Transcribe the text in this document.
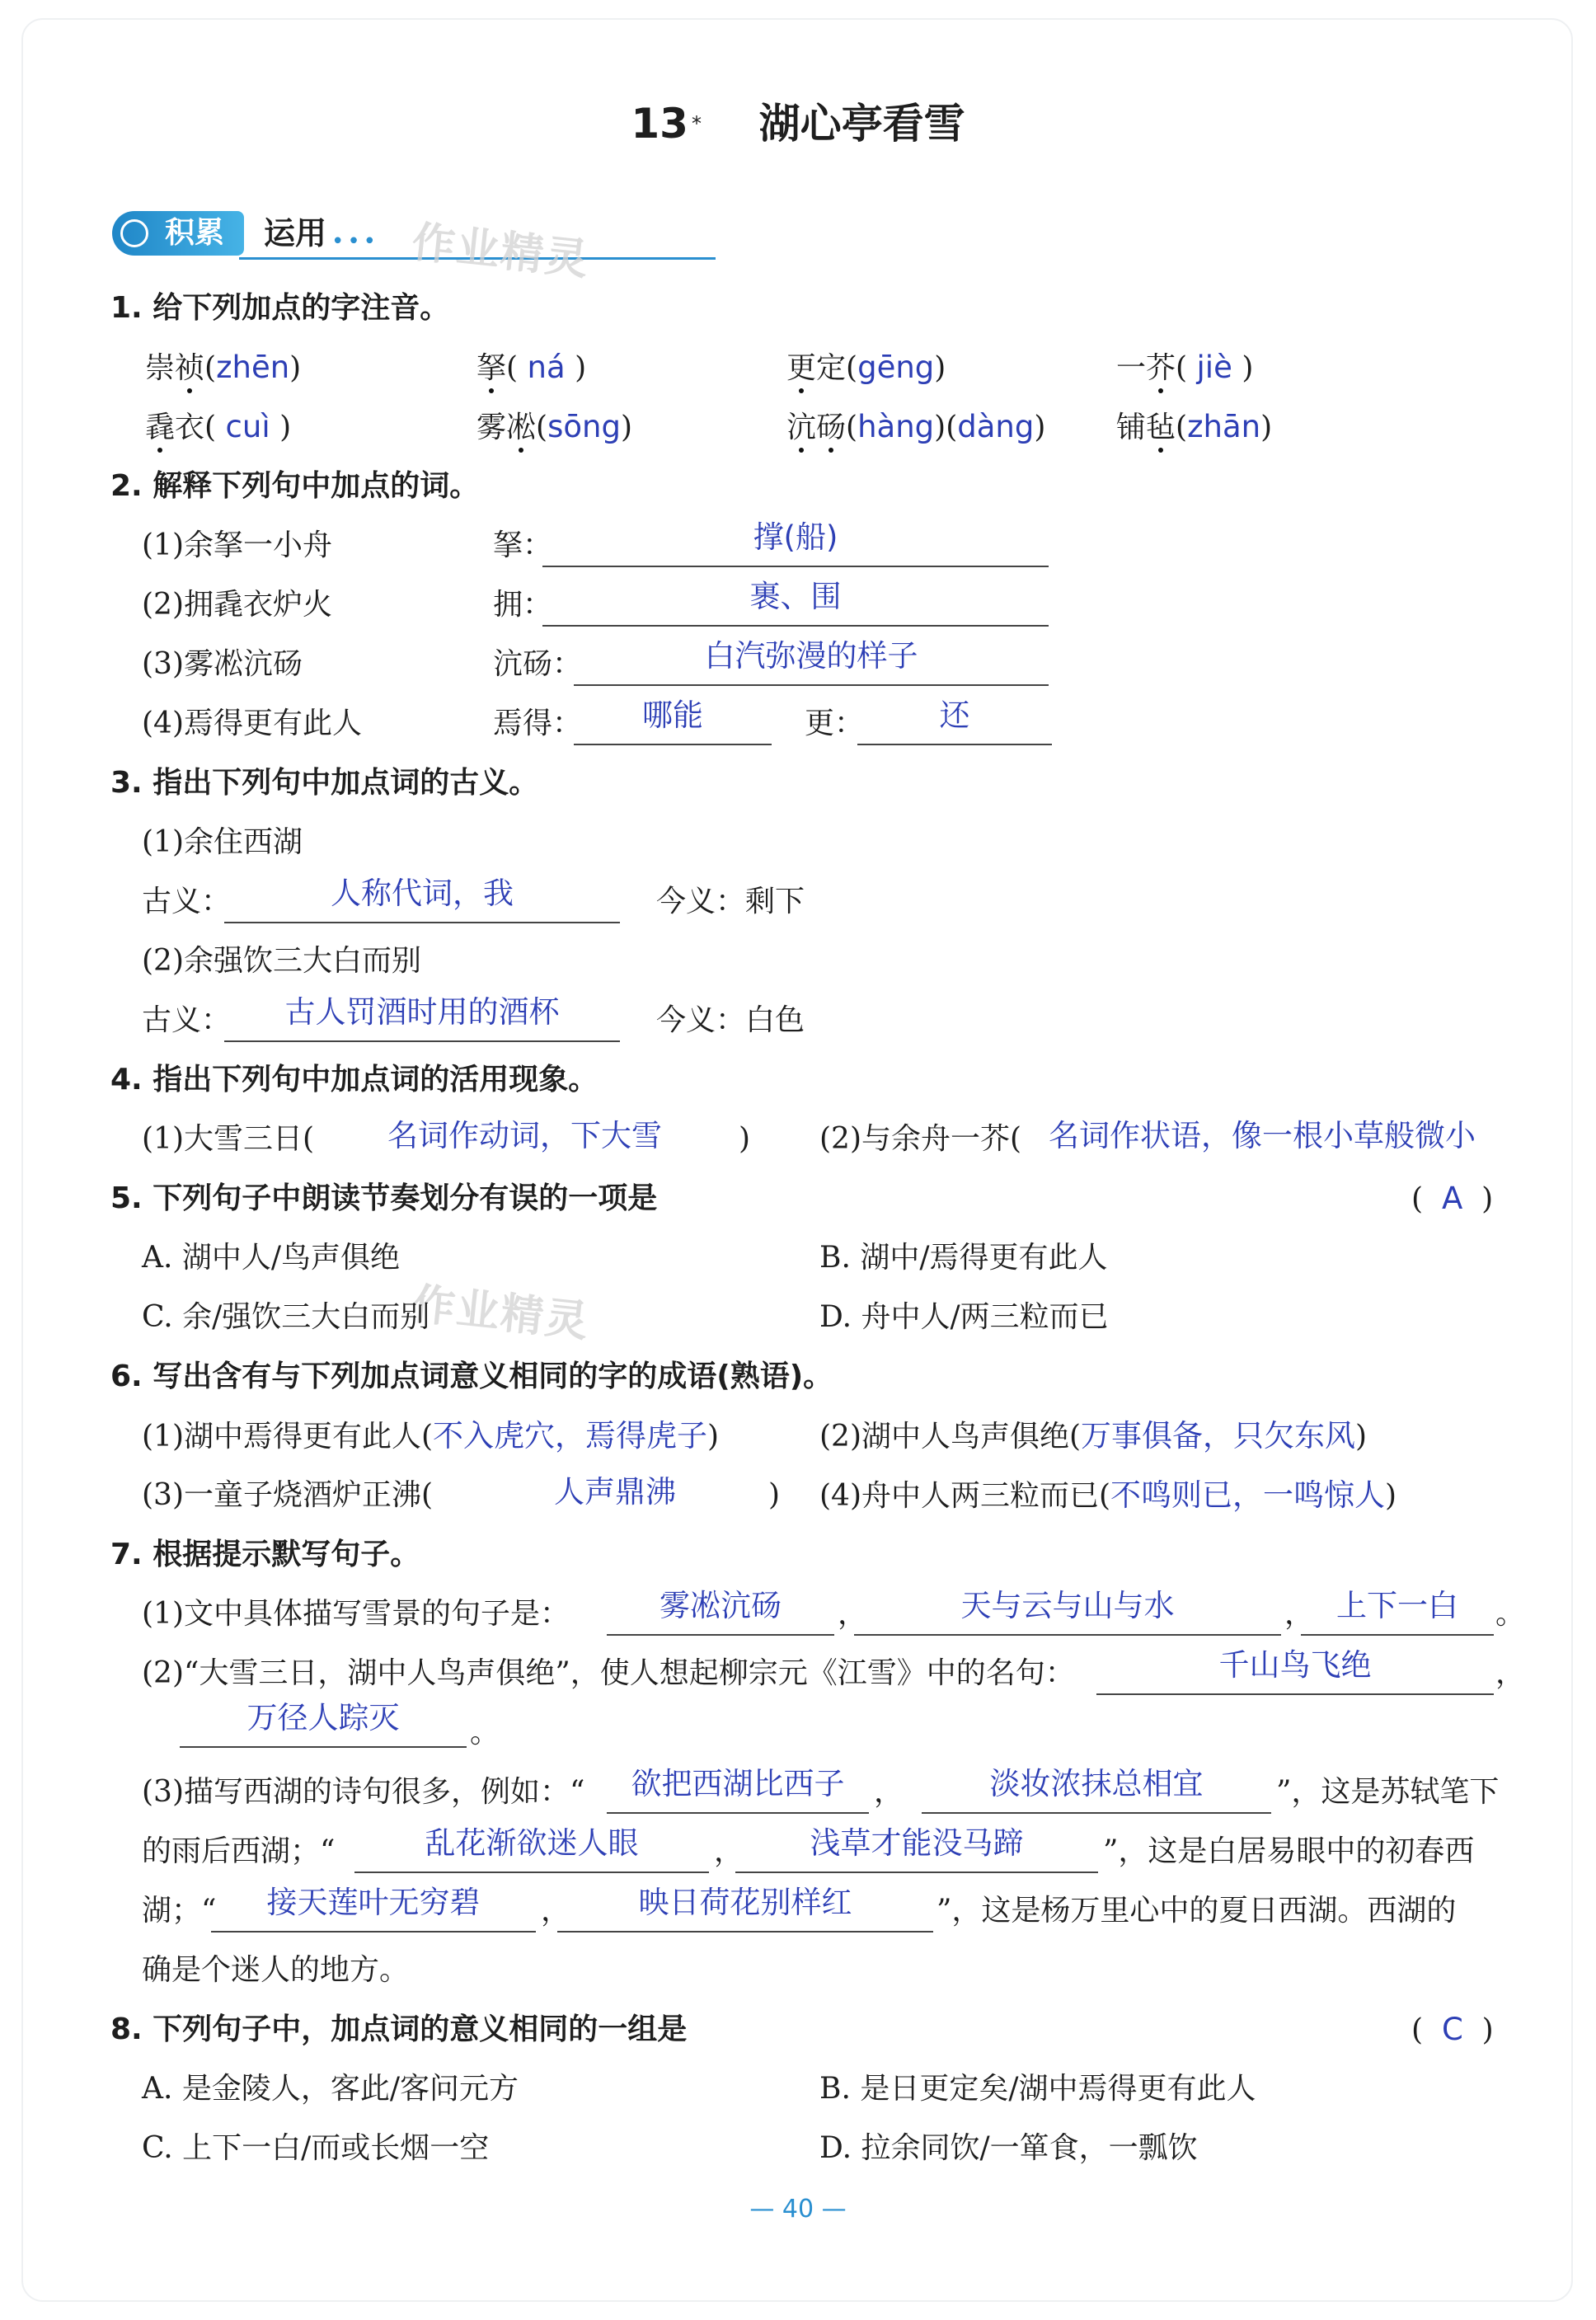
13 * 湖心亭看雪
积累	运用 ••• 作业精灵
作业精灵
1. 给下列加点的字注音。
崇祯(zhēn)	拏( ná )	更定(gēng)	一芥( jiè )
毳衣( cuì )	雾凇(sōng)	沆砀(hàng)(dàng) 铺毡(zhān)
2. 解释下列句中加点的词。
(1)余拏一小舟	拏：	撑(船)
(2)拥毳衣炉火	拥：	裹、围
(3)雾凇沆砀	沆砀：	白汽弥漫的样子
(4)焉得更有此人	焉得：	哪能	更：	还
3. 指出下列句中加点词的古义。
(1)余住西湖
古义：	人称代词，我	今义：剩下
(2)余强饮三大白而别
古义：	古人罚酒时用的酒杯	今义：白色
4. 指出下列句中加点词的活用现象。
(1)大雪三日( 名词作动词，下大雪	) (2)与余舟一芥( 名词作状语，像一根小草般微小
5. 下列句子中朗读节奏划分有误的一项是	( A )
A. 湖中人/鸟声俱绝	B. 湖中/焉得更有此人
C. 余/强饮三大白而别	D. 舟中人/两三粒而已
6. 写出含有与下列加点词意义相同的字的成语(熟语)。
(1)湖中焉得更有此人(不入虎穴，焉得虎子)	(2)湖中人鸟声俱绝(万事俱备，只欠东风)
(3)一童子烧酒炉正沸(	人声鼎沸	) (4)舟中人两三粒而已(不鸣则已，一鸣惊人)
7. 根据提示默写句子。
(1)文中具体描写雪景的句子是：	雾凇沆砀	，	天与云与山与水	， 上下一白	。
(2)“大雪三日，湖中人鸟声俱绝”，使人想起柳宗元《江雪》中的名句：	千山鸟飞绝	，
万径人踪灭	。
(3)描写西湖的诗句很多，例如：“	欲把西湖比西子 ，	淡妆浓抹总相宜	”，这是苏轼笔下
的雨后西湖；“	乱花渐欲迷人眼	，	浅草才能没马蹄	”，这是白居易眼中的初春西
湖；“	接天莲叶无穷碧	，	映日荷花别样红	”，这是杨万里心中的夏日西湖。西湖的
确是个迷人的地方。
8. 下列句子中，加点词的意义相同的一组是	( C )
A. 是金陵人，客此/客问元方	B. 是日更定矣/湖中焉得更有此人
C. 上下一白/而或长烟一空	D. 拉余同饮/一箪食，一瓢饮
— 40 —
